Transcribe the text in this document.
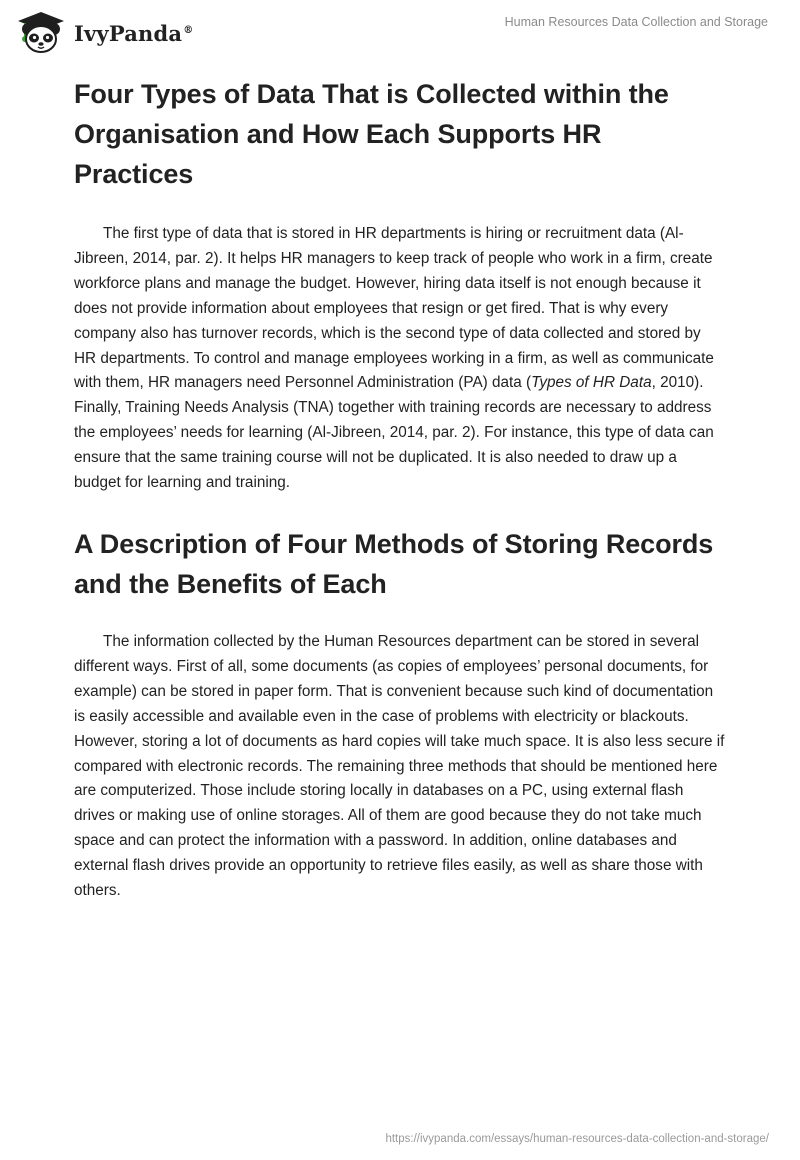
IvyPanda®
Human Resources Data Collection and Storage
Four Types of Data That is Collected within the Organisation and How Each Supports HR Practices

The first type of data that is stored in HR departments is hiring or recruitment data (Al-Jibreen, 2014, par. 2). It helps HR managers to keep track of people who work in a firm, create workforce plans and manage the budget. However, hiring data itself is not enough because it does not provide information about employees that resign or get fired. That is why every company also has turnover records, which is the second type of data collected and stored by HR departments. To control and manage employees working in a firm, as well as communicate with them, HR managers need Personnel Administration (PA) data (Types of HR Data, 2010). Finally, Training Needs Analysis (TNA) together with training records are necessary to address the employees’ needs for learning (Al-Jibreen, 2014, par. 2). For instance, this type of data can ensure that the same training course will not be duplicated. It is also needed to draw up a budget for learning and training.

A Description of Four Methods of Storing Records and the Benefits of Each

The information collected by the Human Resources department can be stored in several different ways. First of all, some documents (as copies of employees’ personal documents, for example) can be stored in paper form. That is convenient because such kind of documentation is easily accessible and available even in the case of problems with electricity or blackouts. However, storing a lot of documents as hard copies will take much space. It is also less secure if compared with electronic records. The remaining three methods that should be mentioned here are computerized. Those include storing locally in databases on a PC, using external flash drives or making use of online storages. All of them are good because they do not take much space and can protect the information with a password. In addition, online databases and external flash drives provide an opportunity to retrieve files easily, as well as share those with others.

https://ivypanda.com/essays/human-resources-data-collection-and-storage/
